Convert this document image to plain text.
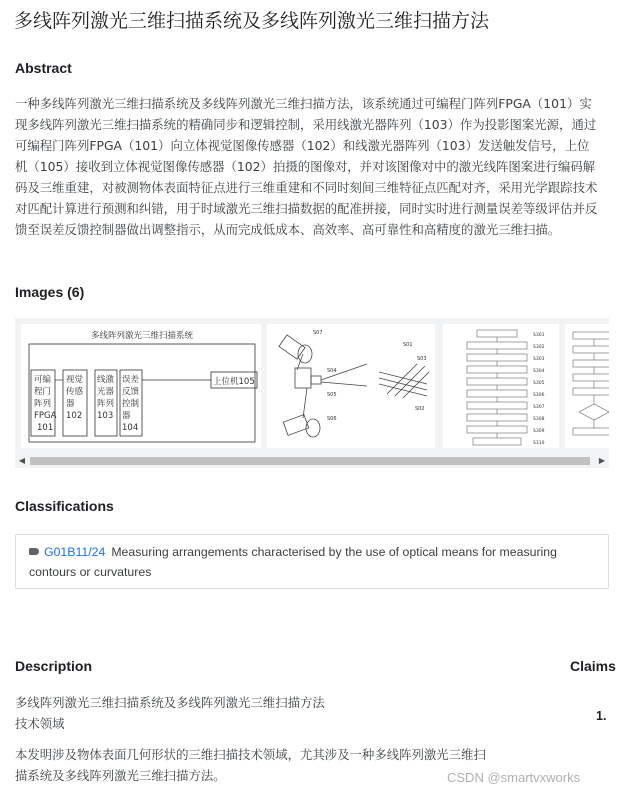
多线阵列激光三维扫描系统及多线阵列激光三维扫描方法
Abstract
一种多线阵列激光三维扫描系统及多线阵列激光三维扫描方法，该系统通过可编程门阵列FPGA（101）实现多线阵列激光三维扫描系统的精确同步和逻辑控制，采用线激光器阵列（103）作为投影图案光源，通过可编程门阵列FPGA（101）向立体视觉图像传感器（102）和线激光器阵列（103）发送触发信号，上位机（105）接收到立体视觉图像传感器（102）拍摄的图像对，并对该图像对中的激光线阵图案进行编码解码及三维重建，对被测物体表面特征点进行三维重建和不同时刻间三维特征点匹配对齐，采用光学跟踪技术对匹配计算进行预测和纠错，用于时域激光三维扫描数据的配准拼接，同时实时进行测量误差等级评估并反馈至误差反馈控制器做出调整指示，从而完成低成本、高效率、高可靠性和高精度的激光三维扫描。
Images (6)
多线阵列激光三维扫描系统
可编程门阵列 FPGA 101
视觉传感器 102
线激光器阵列 103
误差反馈控制器 104
上位机105
S07
S01
S02
S03
S04
S05
S06
S301
S302
S303
S304
S305
S306
S307
S308
S309
S310
◀	▶
Classifications
G01B11/24 Measuring arrangements characterised by the use of optical means for measuring contours or curvatures
Description	Claims
多线阵列激光三维扫描系统及多线阵列激光三维扫描方法
技术领域	1.
本发明涉及物体表面几何形状的三维扫描技术领域，尤其涉及一种多线阵列激光三维扫描系统及多线阵列激光三维扫描方法。	CSDN @smartvxworks
